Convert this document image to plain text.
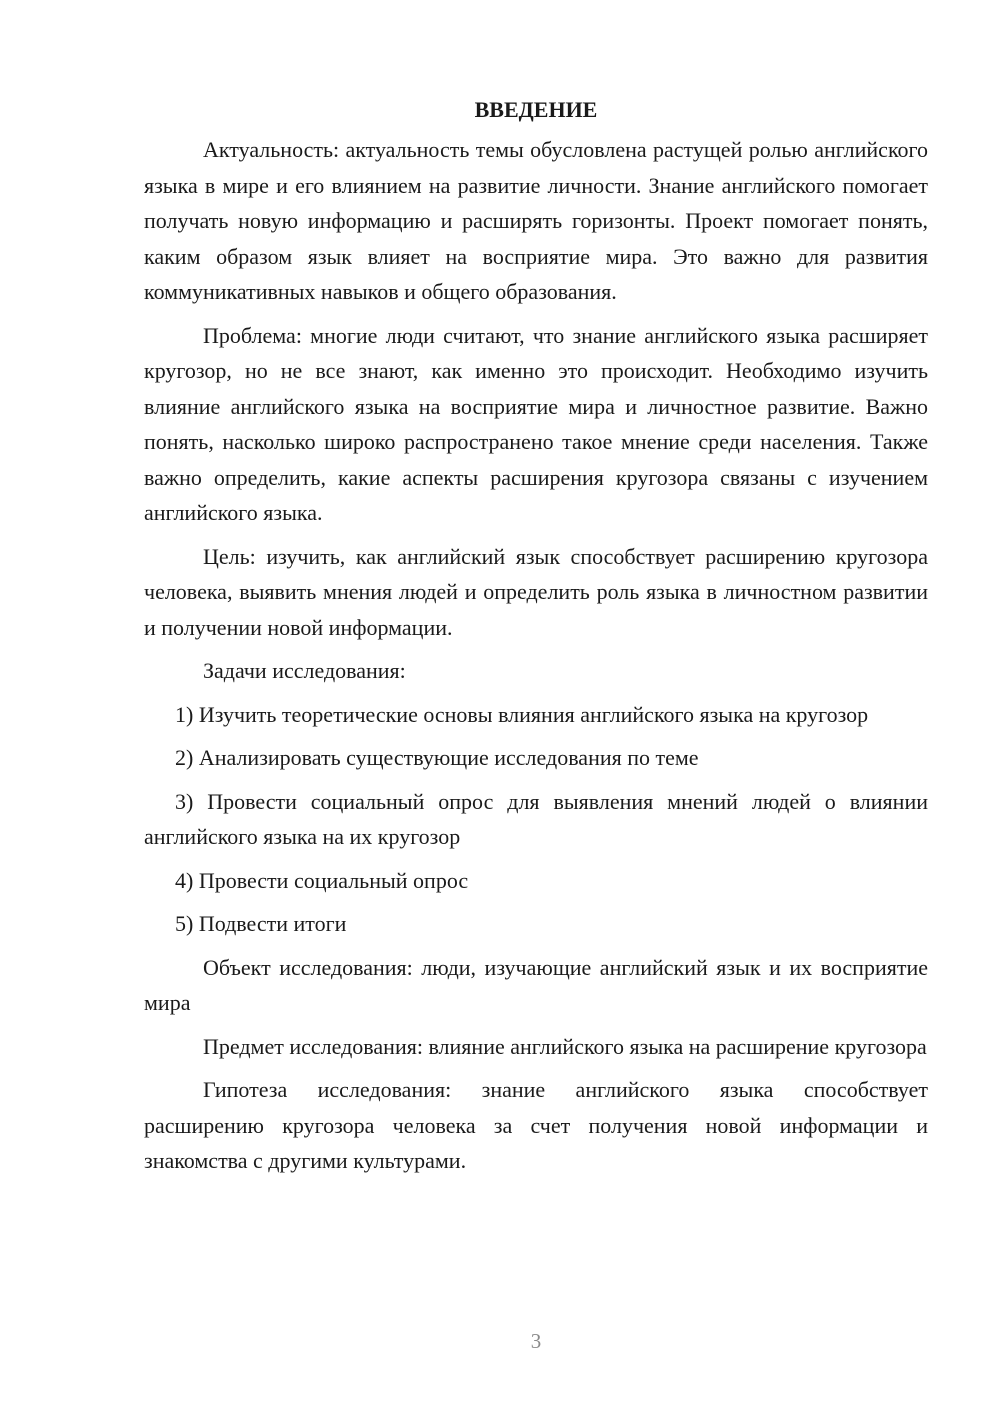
ВВЕДЕНИЕ

Актуальность: актуальность темы обусловлена растущей ролью английского языка в мире и его влиянием на развитие личности. Знание английского помогает получать новую информацию и расширять горизонты. Проект помогает понять, каким образом язык влияет на восприятие мира. Это важно для развития коммуникативных навыков и общего образования.

Проблема: многие люди считают, что знание английского языка расширяет кругозор, но не все знают, как именно это происходит. Необходимо изучить влияние английского языка на восприятие мира и личностное развитие. Важно понять, насколько широко распространено такое мнение среди населения. Также важно определить, какие аспекты расширения кругозора связаны с изучением английского языка.

Цель: изучить, как английский язык способствует расширению кругозора человека, выявить мнения людей и определить роль языка в личностном развитии и получении новой информации.

Задачи исследования:

1) Изучить теоретические основы влияния английского языка на кругозор

2) Анализировать существующие исследования по теме

3) Провести социальный опрос для выявления мнений людей о влиянии английского языка на их кругозор

4) Провести социальный опрос

5) Подвести итоги

Объект исследования: люди, изучающие английский язык и их восприятие мира

Предмет исследования: влияние английского языка на расширение кругозора

Гипотеза исследования: знание английского языка способствует расширению кругозора человека за счет получения новой информации и знакомства с другими культурами.

3
